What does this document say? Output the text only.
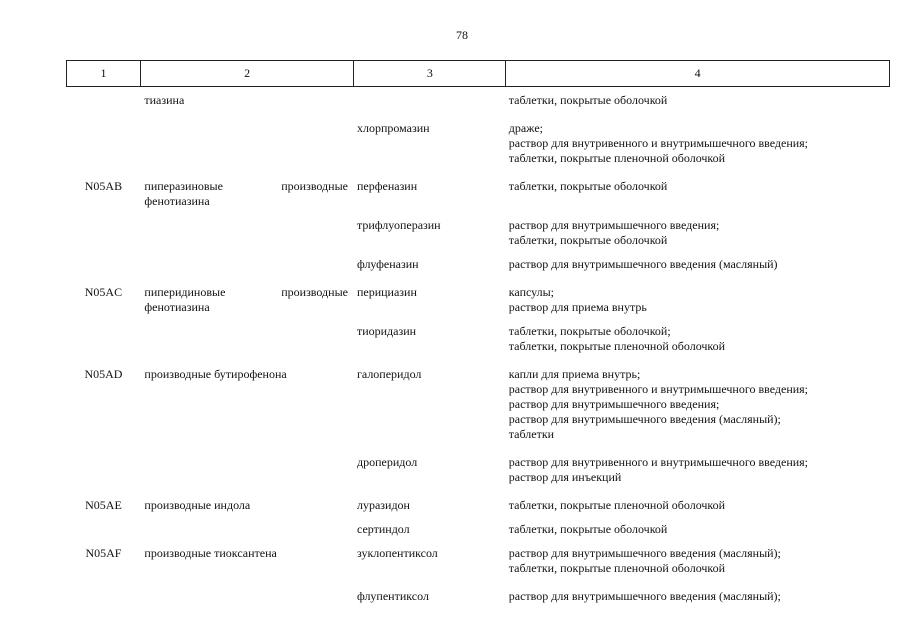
78
1	2	3	4
	тиазина		таблетки, покрытые оболочкой

		хлорпромазин	драже;
раствор для внутривенного и внутримышечного введения;
таблетки, покрытые пленочной оболочкой

N05AB	пиперазиновые производные фенотиазина	перфеназин	таблетки, покрытые оболочкой

		трифлуоперазин	раствор для внутримышечного введения;
таблетки, покрытые оболочкой

		флуфеназин	раствор для внутримышечного введения (масляный)

N05AC	пиперидиновые производные фенотиазина	перициазин	капсулы;
раствор для приема внутрь

		тиоридазин	таблетки, покрытые оболочкой;
таблетки, покрытые пленочной оболочкой

N05AD	производные бутирофенона	галоперидол	капли для приема внутрь;
раствор для внутривенного и внутримышечного введения;
раствор для внутримышечного введения;
раствор для внутримышечного введения (масляный);
таблетки

		дроперидол	раствор для внутривенного и внутримышечного введения;
раствор для инъекций

N05AE	производные индола	луразидон	таблетки, покрытые пленочной оболочкой

		сертиндол	таблетки, покрытые оболочкой

N05AF	производные тиоксантена	зуклопентиксол	раствор для внутримышечного введения (масляный);
таблетки, покрытые пленочной оболочкой

		флупентиксол	раствор для внутримышечного введения (масляный);
